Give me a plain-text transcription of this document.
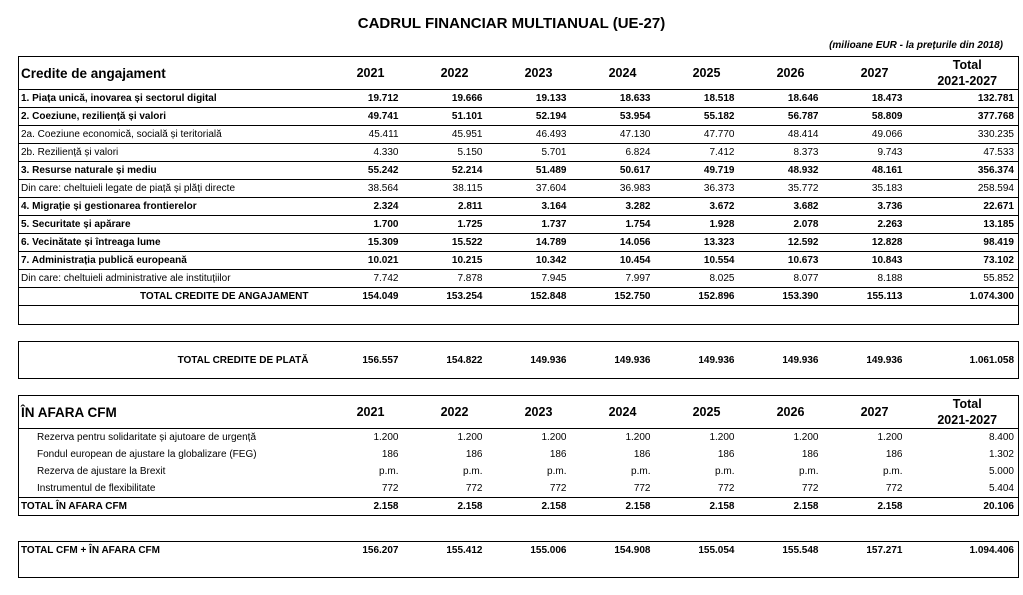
CADRUL FINANCIAR MULTIANUAL (UE-27)
(milioane EUR - la prețurile din 2018)
Credite de angajament	2021	2022	2023	2024	2025	2026	2027	Total
2021-2027

1. Piața unică, inovarea și sectorul digital	19.712	19.666	19.133	18.633	18.518	18.646	18.473	132.781
2. Coeziune, reziliență și valori	49.741	51.101	52.194	53.954	55.182	56.787	58.809	377.768
2a. Coeziune economică, socială și teritorială	45.411	45.951	46.493	47.130	47.770	48.414	49.066	330.235
2b. Reziliență și valori	4.330	5.150	5.701	6.824	7.412	8.373	9.743	47.533
3. Resurse naturale și mediu	55.242	52.214	51.489	50.617	49.719	48.932	48.161	356.374
Din care: cheltuieli legate de piață și plăți directe	38.564	38.115	37.604	36.983	36.373	35.772	35.183	258.594
4. Migrație și gestionarea frontierelor	2.324	2.811	3.164	3.282	3.672	3.682	3.736	22.671
5. Securitate și apărare	1.700	1.725	1.737	1.754	1.928	2.078	2.263	13.185
6. Vecinătate și întreaga lume	15.309	15.522	14.789	14.056	13.323	12.592	12.828	98.419
7. Administrația publică europeană	10.021	10.215	10.342	10.454	10.554	10.673	10.843	73.102
Din care: cheltuieli administrative ale instituțiilor	7.742	7.878	7.945	7.997	8.025	8.077	8.188	55.852
TOTAL CREDITE DE ANGAJAMENT	154.049	153.254	152.848	152.750	152.896	153.390	155.113	1.074.300

TOTAL CREDITE DE PLATĂ	156.557	154.822	149.936	149.936	149.936	149.936	149.936	1.061.058

ÎN AFARA CFM	2021	2022	2023	2024	2025	2026	2027	Total
2021-2027

Rezerva pentru solidaritate și ajutoare de urgență	1.200	1.200	1.200	1.200	1.200	1.200	1.200	8.400
Fondul european de ajustare la globalizare (FEG)	186	186	186	186	186	186	186	1.302
Rezerva de ajustare la Brexit	p.m.	p.m.	p.m.	p.m.	p.m.	p.m.	p.m.	5.000
Instrumentul de flexibilitate	772	772	772	772	772	772	772	5.404
TOTAL ÎN AFARA CFM	2.158	2.158	2.158	2.158	2.158	2.158	2.158	20.106
TOTAL CFM + ÎN AFARA CFM	156.207	155.412	155.006	154.908	155.054	155.548	157.271	1.094.406
